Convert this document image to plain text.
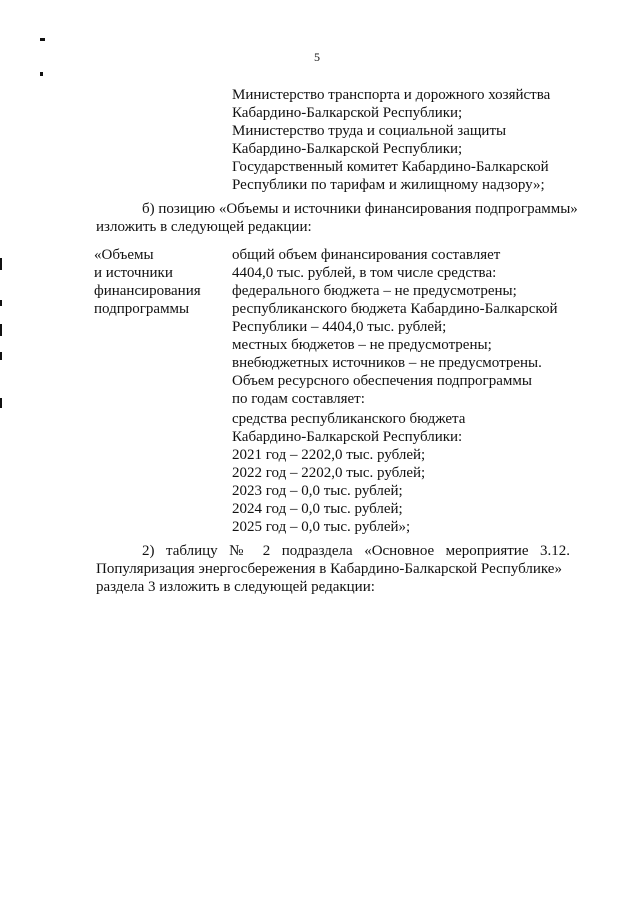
5
Министерство транспорта и дорожного хозяйства
Кабардино-Балкарской Республики;
Министерство труда и социальной защиты
Кабардино-Балкарской Республики;
Государственный комитет Кабардино-Балкарской
Республики по тарифам и жилищному надзору»;
б) позицию «Объемы и источники финансирования подпрограммы»
изложить в следующей редакции:
«Объемы
и источники
финансирования
подпрограммы
общий объем финансирования составляет
4404,0 тыс. рублей, в том числе средства:
федерального бюджета – не предусмотрены;
республиканского бюджета Кабардино-Балкарской
Республики – 4404,0 тыс. рублей;
местных бюджетов – не предусмотрены;
внебюджетных источников – не предусмотрены.
Объем ресурсного обеспечения подпрограммы
по годам составляет:
средства республиканского бюджета
Кабардино-Балкарской Республики:
2021 год – 2202,0 тыс. рублей;
2022 год – 2202,0 тыс. рублей;
2023 год – 0,0 тыс. рублей;
2024 год – 0,0 тыс. рублей;
2025 год – 0,0 тыс. рублей»;
2) таблицу № 2 подраздела «Основное мероприятие 3.12.
Популяризация энергосбережения в Кабардино-Балкарской Республике»
раздела 3 изложить в следующей редакции:
